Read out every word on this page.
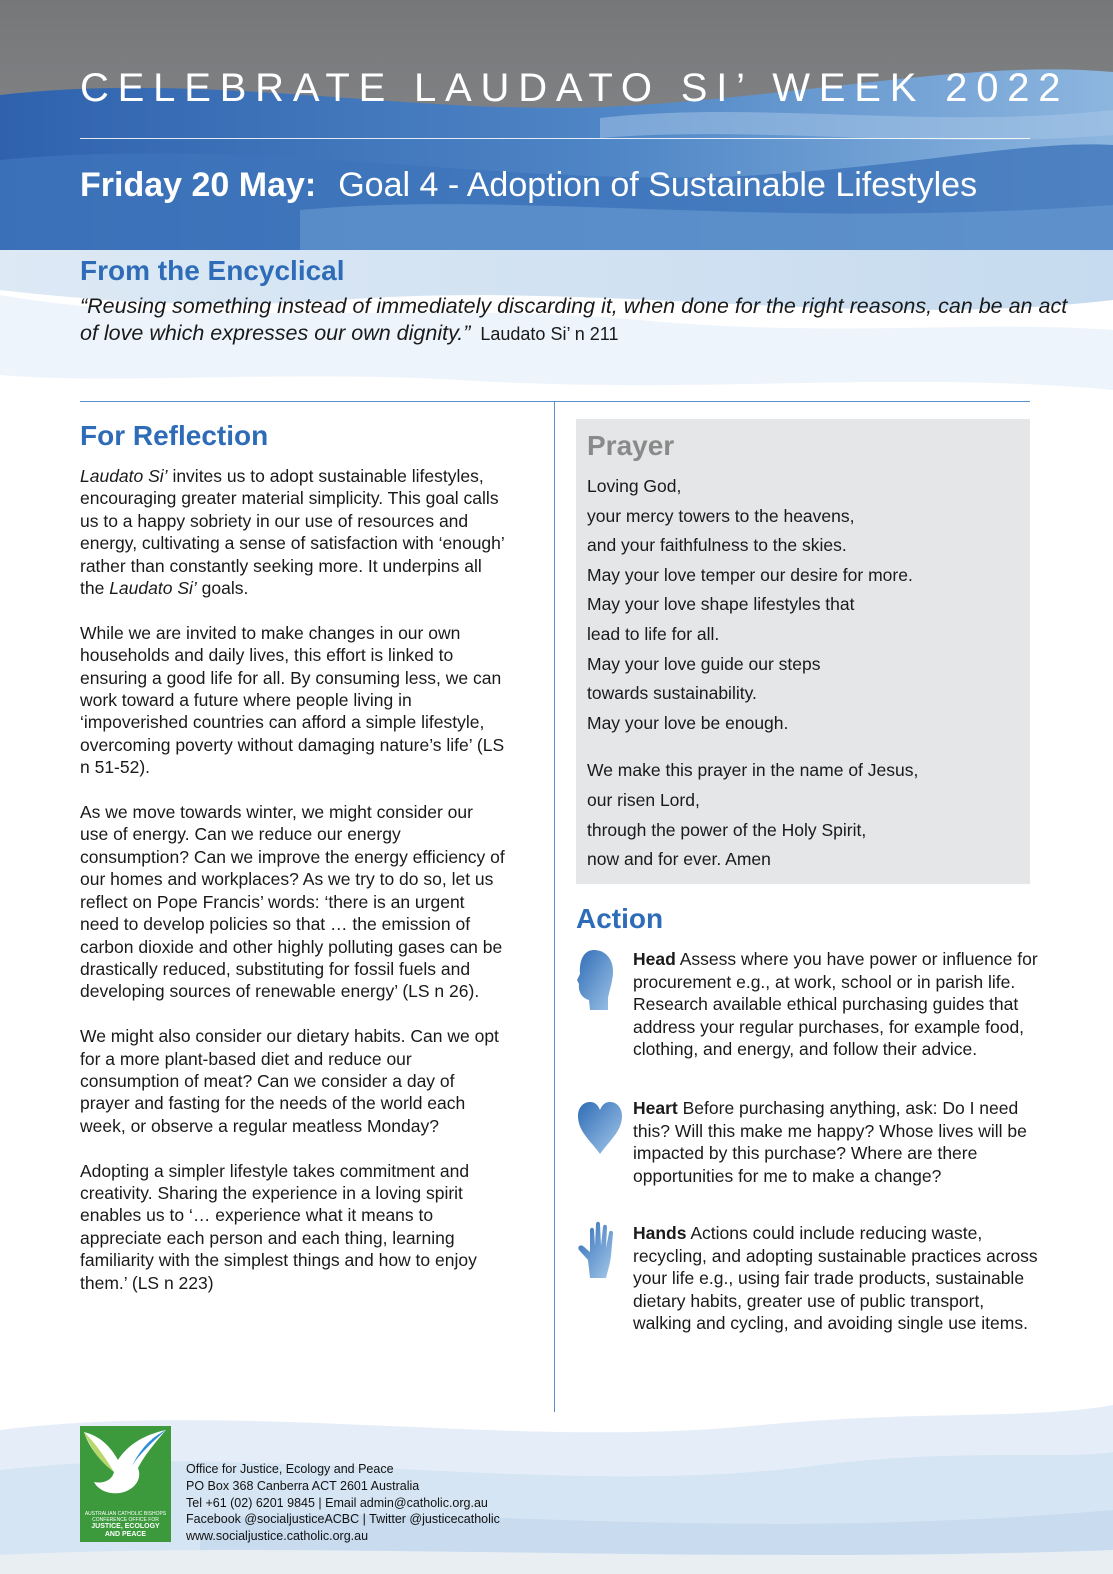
CELEBRATE LAUDATO SI’ WEEK 2022
Friday 20 May: Goal 4 - Adoption of Sustainable Lifestyles
From the Encyclical
“Reusing something instead of immediately discarding it, when done for the right reasons, can be an act of love which expresses our own dignity.” Laudato Si’ n 211
For Reflection

Laudato Si’ invites us to adopt sustainable lifestyles, encouraging greater material simplicity. This goal calls us to a happy sobriety in our use of resources and energy, cultivating a sense of satisfaction with ‘enough’ rather than constantly seeking more. It underpins all the Laudato Si’ goals.

While we are invited to make changes in our own households and daily lives, this effort is linked to ensuring a good life for all. By consuming less, we can work toward a future where people living in ‘impoverished countries can afford a simple lifestyle, overcoming poverty without damaging nature’s life’ (LS n 51-52).

As we move towards winter, we might consider our use of energy. Can we reduce our energy consumption? Can we improve the energy efficiency of our homes and workplaces? As we try to do so, let us reflect on Pope Francis’ words: ‘there is an urgent need to develop policies so that … the emission of carbon dioxide and other highly polluting gases can be drastically reduced, substituting for fossil fuels and developing sources of renewable energy’ (LS n 26).

We might also consider our dietary habits. Can we opt for a more plant-based diet and reduce our consumption of meat? Can we consider a day of prayer and fasting for the needs of the world each week, or observe a regular meatless Monday?

Adopting a simpler lifestyle takes commitment and creativity. Sharing the experience in a loving spirit enables us to ‘… experience what it means to appreciate each person and each thing, learning familiarity with the simplest things and how to enjoy them.’ (LS n 223)

Prayer
Loving God,
your mercy towers to the heavens,
and your faithfulness to the skies.
May your love temper our desire for more.
May your love shape lifestyles that
lead to life for all.
May your love guide our steps
towards sustainability.
May your love be enough.
We make this prayer in the name of Jesus,
our risen Lord,
through the power of the Holy Spirit,
now and for ever. Amen
Action
Head Assess where you have power or influence for procurement e.g., at work, school or in parish life. Research available ethical purchasing guides that address your regular purchases, for example food, clothing, and energy, and follow their advice.
Heart Before purchasing anything, ask: Do I need this? Will this make me happy? Whose lives will be impacted by this purchase? Where are there opportunities for me to make a change?
Hands Actions could include reducing waste, recycling, and adopting sustainable practices across your life e.g., using fair trade products, sustainable dietary habits, greater use of public transport, walking and cycling, and avoiding single use items.
AUSTRALIAN CATHOLIC BISHOPS
CONFERENCE OFFICE FOR
JUSTICE, ECOLOGY
AND PEACE
Office for Justice, Ecology and Peace
PO Box 368 Canberra ACT 2601 Australia
Tel +61 (02) 6201 9845 | Email admin@catholic.org.au
Facebook @socialjusticeACBC | Twitter @justicecatholic
www.socialjustice.catholic.org.au
